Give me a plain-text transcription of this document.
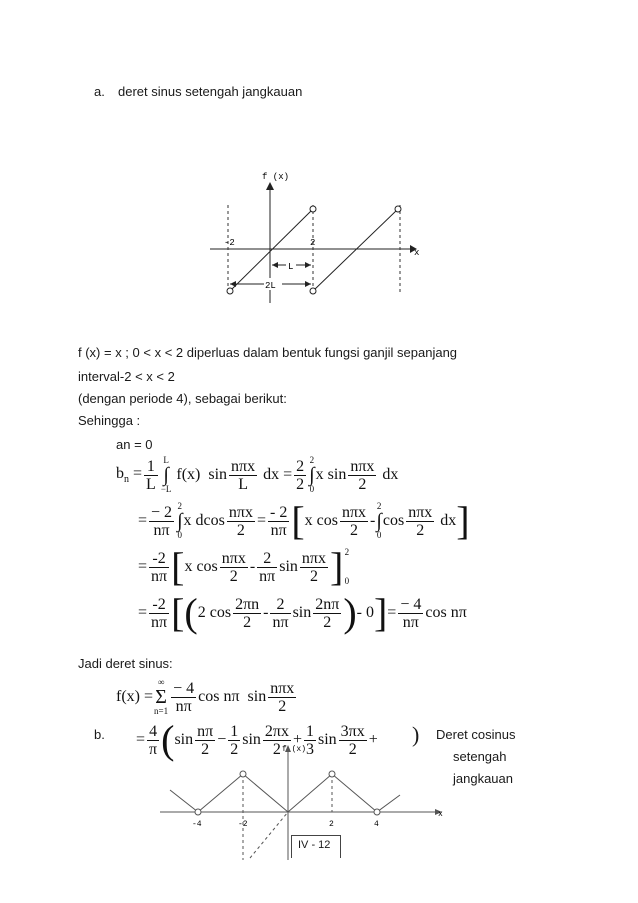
a. deret sinus setengah jangkauan
f (x)
x
-2	2
L
2L
f (x) = x ; 0 < x < 2 diperluas dalam bentuk fungsi ganjil sepanjang
interval-2 < x < 2
(dengan periode 4), sebagai berikut:
Sehingga :
an = 0
$b_n = \frac{1}{L}$ L
∫
−L
f(x)  $\sin \frac{\text{nπx}}{L}$ dx = $\frac{2}{2} 2$
∫
0
x $\sin \frac{\text{nπx}}{2}$ dx
= $\frac{- 2}{n\pi} 2$
∫
0
x dcos $\frac{\text{nπx}}{2} = \frac{- 2}{n\pi}$ [ x $\cos \frac{\text{nπx}}{2}$ -
2
∫
0
$\cos \frac{\text{nπx}}{2}$ dx ]
= $\frac{-2}{n\pi}$ [ x $\cos \frac{\text{nπx}}{2} - \frac{2}{n\pi}$ $\sin \frac{\text{nπx}}{2}$ ] 2

0
= $\frac{-2}{n\pi}$ [( 2 $\cos \frac{2\pi n}{2} - \frac{2}{n\pi}$ $\sin \frac{2n\pi}{2}$ ) - 0 ] = $\frac{- 4}{n\pi}$ cos nπ
Jadi deret sinus:
f(x) =
∞
Σ
$n=1 \frac{- 4}{n\pi}$ cos nπ  $\sin \frac{\text{nπx}}{2}$
= $\frac{4}{\pi}$ ( $\sin \frac{n\pi}{2} - \frac{1}{2}$ $\sin \frac{2\pi x}{2} + \frac{1}{3}$ $\sin \frac{3\pi x}{2}$ + )
b.	Deret cosinus
setengah
jangkauan
f (x)
x
-4	-2	2	4
IV - 12
